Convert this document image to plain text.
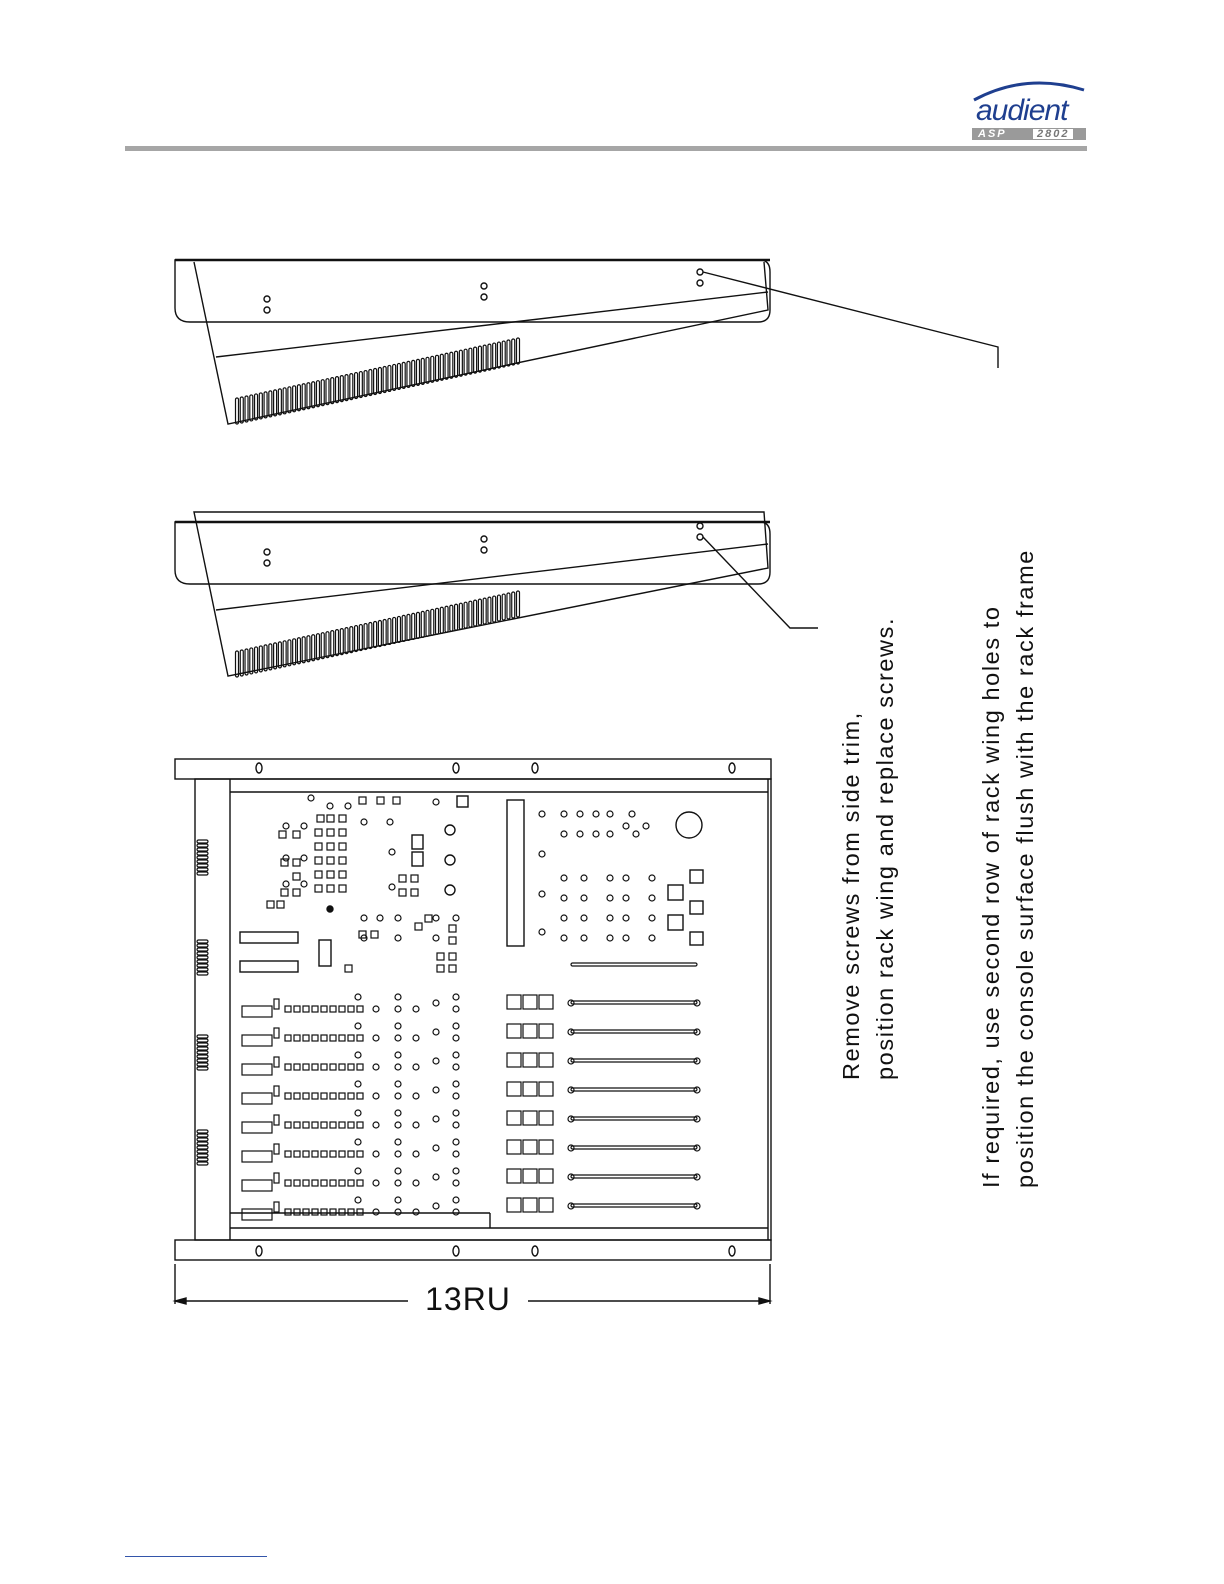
audient
ASP	2802
13RU
Remove screws from side trim, position rack wing and replace screws.	If required, use second row of rack wing holes to position the console surface flush with the rack frame
